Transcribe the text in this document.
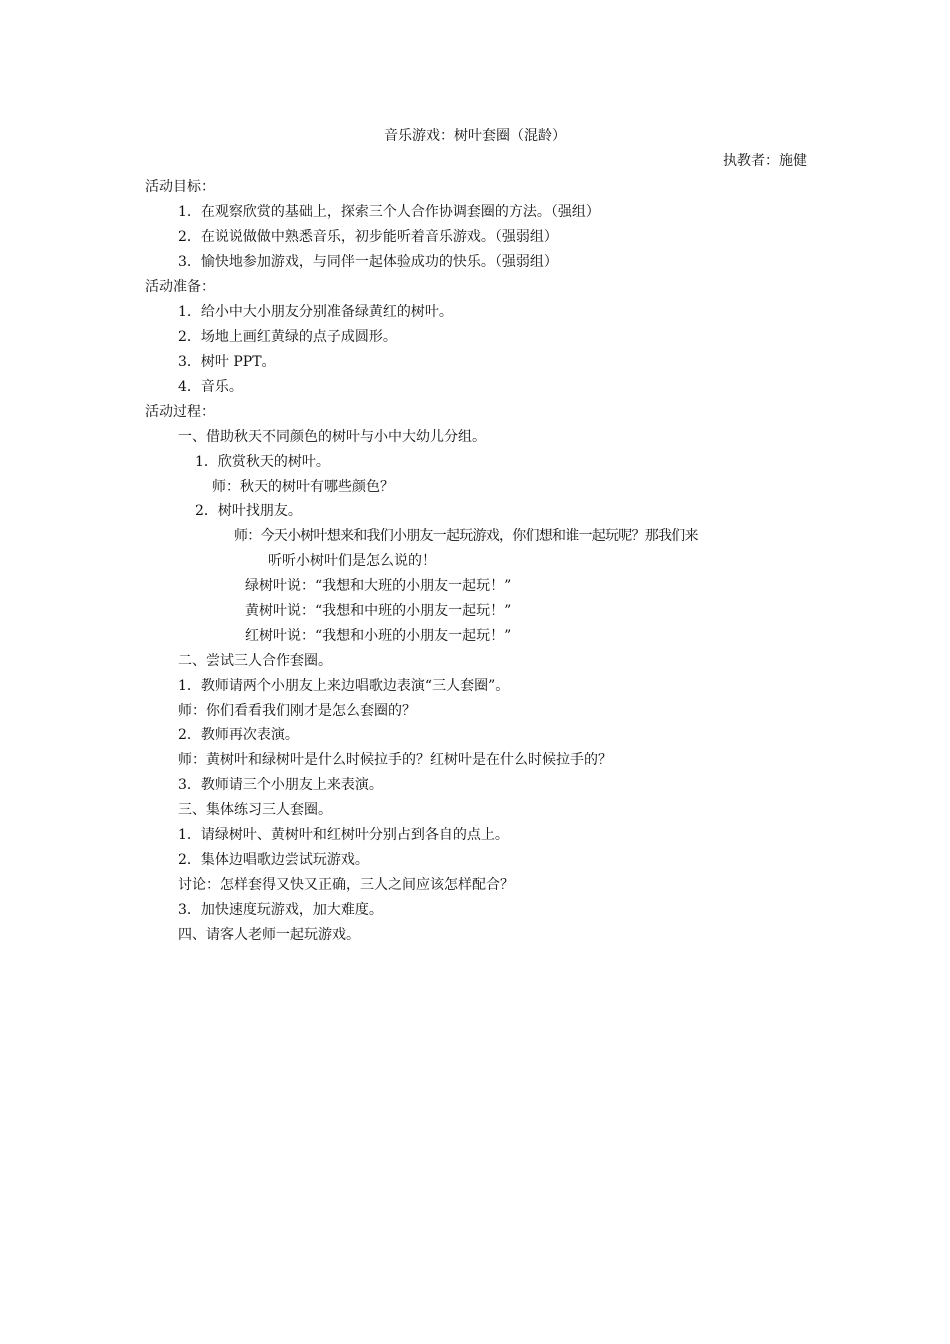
音乐游戏：树叶套圈（混龄）
执教者：施健
活动目标：
1．在观察欣赏的基础上，探索三个人合作协调套圈的方法。（强组）
2．在说说做做中熟悉音乐，初步能听着音乐游戏。（强弱组）
3．愉快地参加游戏，与同伴一起体验成功的快乐。（强弱组）
活动准备：
1．给小中大小朋友分别准备绿黄红的树叶。
2．场地上画红黄绿的点子成圆形。
3．树叶 PPT。
4．音乐。
活动过程：
一、借助秋天不同颜色的树叶与小中大幼儿分组。
1．欣赏秋天的树叶。
师：秋天的树叶有哪些颜色？
2．树叶找朋友。
师：今天小树叶想来和我们小朋友一起玩游戏，你们想和谁一起玩呢？那我们来
听听小树叶们是怎么说的！
绿树叶说：“我想和大班的小朋友一起玩！”
黄树叶说：“我想和中班的小朋友一起玩！”
红树叶说：“我想和小班的小朋友一起玩！”
二、尝试三人合作套圈。
1．教师请两个小朋友上来边唱歌边表演“三人套圈”。
师：你们看看我们刚才是怎么套圈的？
2．教师再次表演。
师：黄树叶和绿树叶是什么时候拉手的？红树叶是在什么时候拉手的？
3．教师请三个小朋友上来表演。
三、集体练习三人套圈。
1．请绿树叶、黄树叶和红树叶分别占到各自的点上。
2．集体边唱歌边尝试玩游戏。
讨论：怎样套得又快又正确，三人之间应该怎样配合？
3．加快速度玩游戏，加大难度。
四、请客人老师一起玩游戏。
